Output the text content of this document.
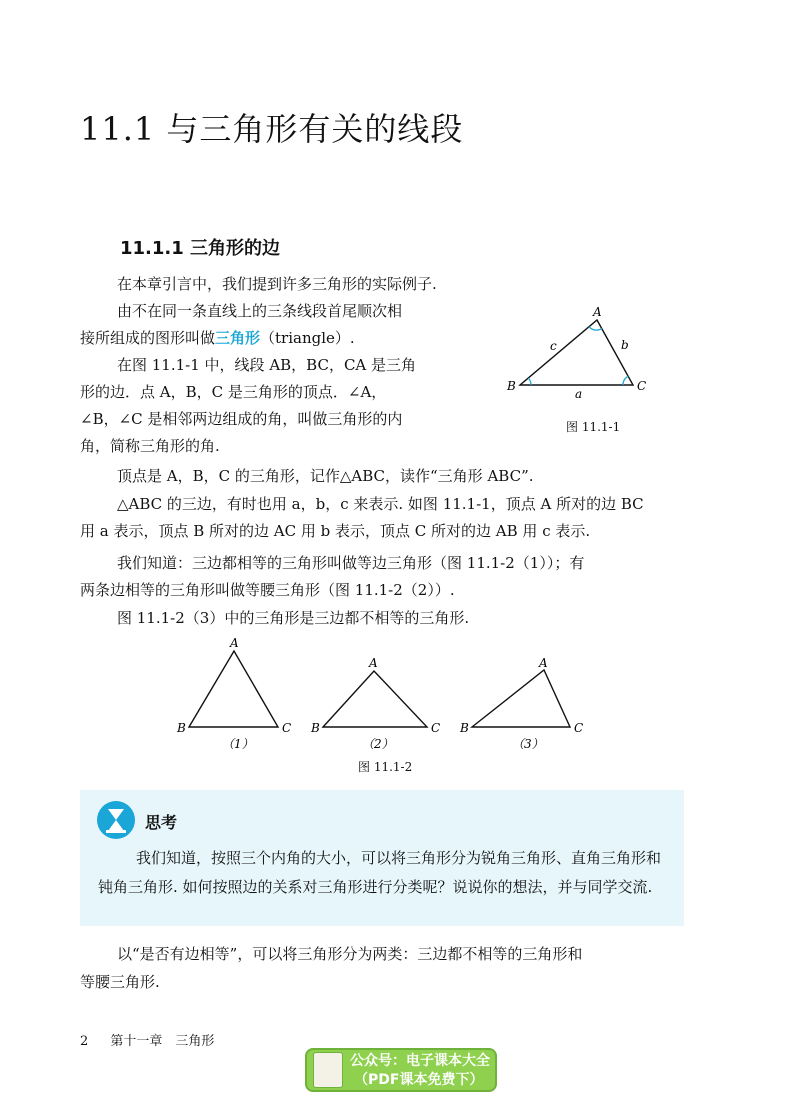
11.1 与三角形有关的线段
11.1.1 三角形的边
在本章引言中，我们提到许多三角形的实际例子.
由不在同一条直线上的三条线段首尾顺次相
接所组成的图形叫做三角形（triangle）.
在图 11.1-1 中，线段 AB，BC，CA 是三角
形的边．点 A，B，C 是三角形的顶点．∠A，
∠B，∠C 是相邻两边组成的角，叫做三角形的内
角，简称三角形的角.
A
B	C
a
b
c
图 11.1-1
顶点是 A，B，C 的三角形，记作△ABC，读作“三角形 ABC”.
△ABC 的三边，有时也用 a，b，c 来表示. 如图 11.1-1，顶点 A 所对的边 BC
用 a 表示，顶点 B 所对的边 AC 用 b 表示，顶点 C 所对的边 AB 用 c 表示.
我们知道：三边都相等的三角形叫做等边三角形（图 11.1-2（1））；有
两条边相等的三角形叫做等腰三角形（图 11.1-2（2））.
图 11.1-2（3）中的三角形是三边都不相等的三角形.
A
B	C
（1）
A
B	C
（2）
A
B	C
（3）
图 11.1-2
思考
我们知道，按照三个内角的大小，可以将三角形分为锐角三角形、直角三角形和钝角三角形. 如何按照边的关系对三角形进行分类呢？说说你的想法，并与同学交流.
以“是否有边相等”，可以将三角形分为两类：三边都不相等的三角形和
等腰三角形.
2 第十一章　三角形
公众号：电子课本大全
（PDF课本免费下）
